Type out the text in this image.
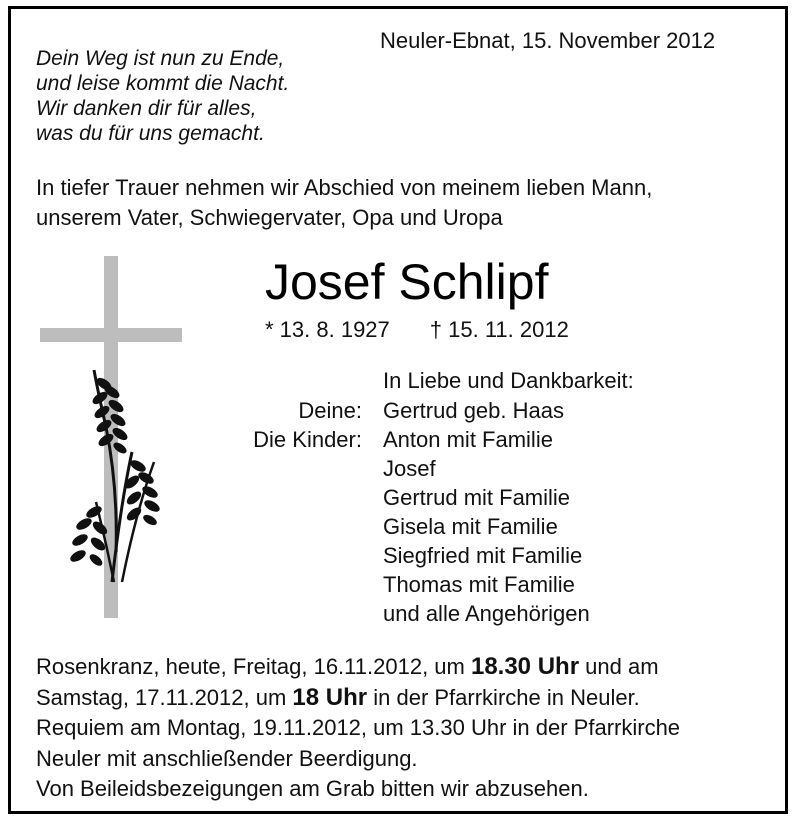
Neuler-Ebnat, 15. November 2012
Dein Weg ist nun zu Ende,
und leise kommt die Nacht.
Wir danken dir für alles,
was du für uns gemacht.
In tiefer Trauer nehmen wir Abschied von meinem lieben Mann,
unserem Vater, Schwiegervater, Opa und Uropa
Josef Schlipf
* 13. 8. 1927 † 15. 11. 2012
In Liebe und Dankbarkeit:
Deine: Gertrud geb. Haas
Die Kinder: Anton mit Familie
Josef
Gertrud mit Familie
Gisela mit Familie
Siegfried mit Familie
Thomas mit Familie
und alle Angehörigen
Rosenkranz, heute, Freitag, 16.11.2012, um 18.30 Uhr und am
Samstag, 17.11.2012, um 18 Uhr in der Pfarrkirche in Neuler.
Requiem am Montag, 19.11.2012, um 13.30 Uhr in der Pfarrkirche
Neuler mit anschließender Beerdigung.
Von Beileidsbezeigungen am Grab bitten wir abzusehen.
